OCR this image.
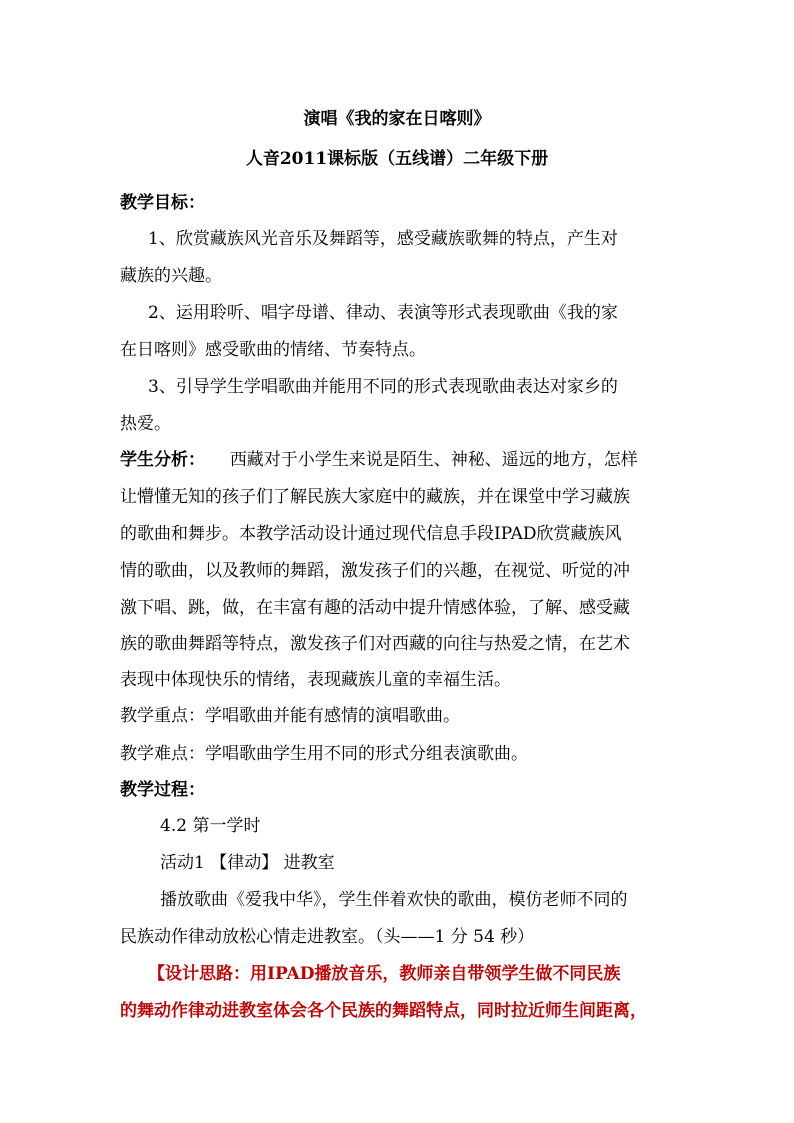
演唱《我的家在日喀则》
人音2011课标版（五线谱）二年级下册
教学目标：
1、欣赏藏族风光音乐及舞蹈等，感受藏族歌舞的特点，产生对
藏族的兴趣。
2、运用聆听、唱字母谱、律动、表演等形式表现歌曲《我的家
在日喀则》感受歌曲的情绪、节奏特点。
3、引导学生学唱歌曲并能用不同的形式表现歌曲表达对家乡的
热爱。
学生分析： 西藏对于小学生来说是陌生、神秘、遥远的地方，怎样
让懵懂无知的孩子们了解民族大家庭中的藏族，并在课堂中学习藏族
的歌曲和舞步。本教学活动设计通过现代信息手段IPAD欣赏藏族风
情的歌曲，以及教师的舞蹈，激发孩子们的兴趣，在视觉、听觉的冲
激下唱、跳，做，在丰富有趣的活动中提升情感体验，了解、感受藏
族的歌曲舞蹈等特点，激发孩子们对西藏的向往与热爱之情，在艺术
表现中体现快乐的情绪，表现藏族儿童的幸福生活。
教学重点：学唱歌曲并能有感情的演唱歌曲。
教学难点：学唱歌曲学生用不同的形式分组表演歌曲。
教学过程：
4.2 第一学时
活动1 【律动】 进教室
播放歌曲《爱我中华》，学生伴着欢快的歌曲，模仿老师不同的
民族动作律动放松心情走进教室。（头——1 分 54 秒）
【设计思路：用IPAD播放音乐，教师亲自带领学生做不同民族
的舞动作律动进教室体会各个民族的舞蹈特点，同时拉近师生间距离，
